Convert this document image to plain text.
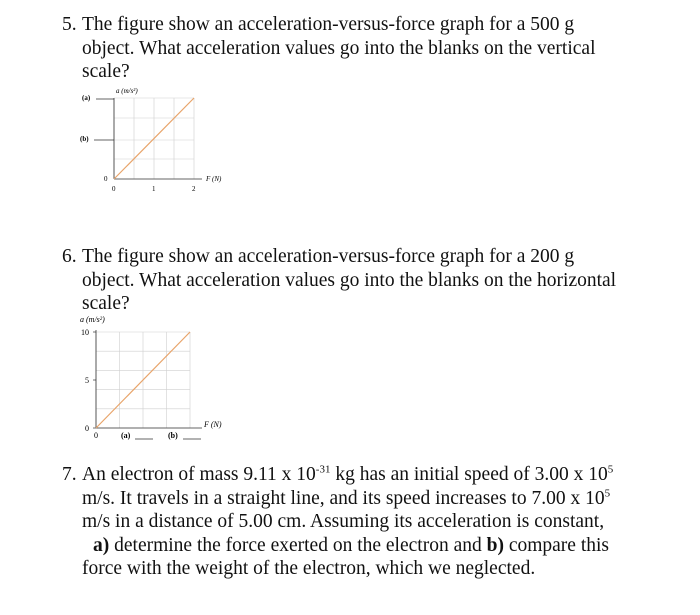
5. The figure show an acceleration-versus-force graph for a 500 g
object. What acceleration values go into the blanks on the vertical
scale?
a (m/s²)
(a)
(b)
0
0	1	2
F (N)
6. The figure show an acceleration-versus-force graph for a 200 g
object. What acceleration values go into the blanks on the horizontal
scale?
a (m/s²)
10
5
0
0	(a)	(b)
F (N)
7. An electron of mass 9.11 x $10^{-31}$ kg has an initial speed of 3.00 x $10^5$
m/s. It travels in a straight line, and its speed increases to 7.00 x $10^5$
m/s in a distance of 5.00 cm. Assuming its acceleration is constant,
a) determine the force exerted on the electron and b) compare this
force with the weight of the electron, which we neglected.
